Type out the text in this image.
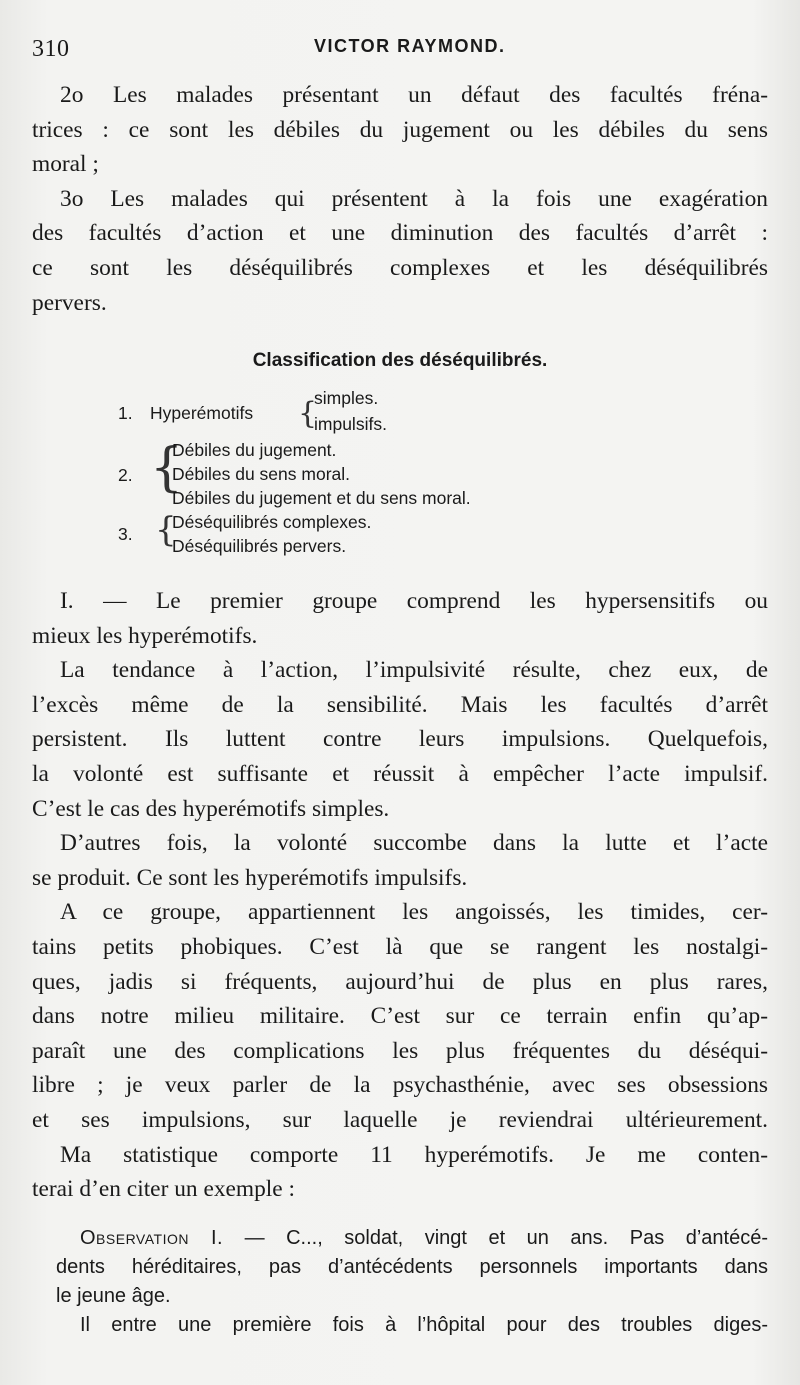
310	VICTOR RAYMOND.
2o Les malades présentant un défaut des facultés fréna-
trices : ce sont les débiles du jugement ou les débiles du sens
moral ;
3o Les malades qui présentent à la fois une exagération
des facultés d’action et une diminution des facultés d’arrêt :
ce sont les déséquilibrés complexes et les déséquilibrés
pervers.
Classification des déséquilibrés.
1. Hyperémotifs {
simples.
impulsifs.
{
2.
Débiles du jugement.
Débiles du sens moral.
Débiles du jugement et du sens moral.
{
3.
Déséquilibrés complexes.
Déséquilibrés pervers.
I. — Le premier groupe comprend les hypersensitifs ou
mieux les hyperémotifs.
La tendance à l’action, l’impulsivité résulte, chez eux, de
l’excès même de la sensibilité. Mais les facultés d’arrêt
persistent. Ils luttent contre leurs impulsions. Quelquefois,
la volonté est suffisante et réussit à empêcher l’acte impulsif.
C’est le cas des hyperémotifs simples.
D’autres fois, la volonté succombe dans la lutte et l’acte
se produit. Ce sont les hyperémotifs impulsifs.
A ce groupe, appartiennent les angoissés, les timides, cer-
tains petits phobiques. C’est là que se rangent les nostalgi-
ques, jadis si fréquents, aujourd’hui de plus en plus rares,
dans notre milieu militaire. C’est sur ce terrain enfin qu’ap-
paraît une des complications les plus fréquentes du déséqui-
libre ; je veux parler de la psychasthénie, avec ses obsessions
et ses impulsions, sur laquelle je reviendrai ultérieurement.
Ma statistique comporte 11 hyperémotifs. Je me conten-
terai d’en citer un exemple :
Observation I. — C..., soldat, vingt et un ans. Pas d’antécé-
dents héréditaires, pas d’antécédents personnels importants dans
le jeune âge.
Il entre une première fois à l’hôpital pour des troubles diges-
